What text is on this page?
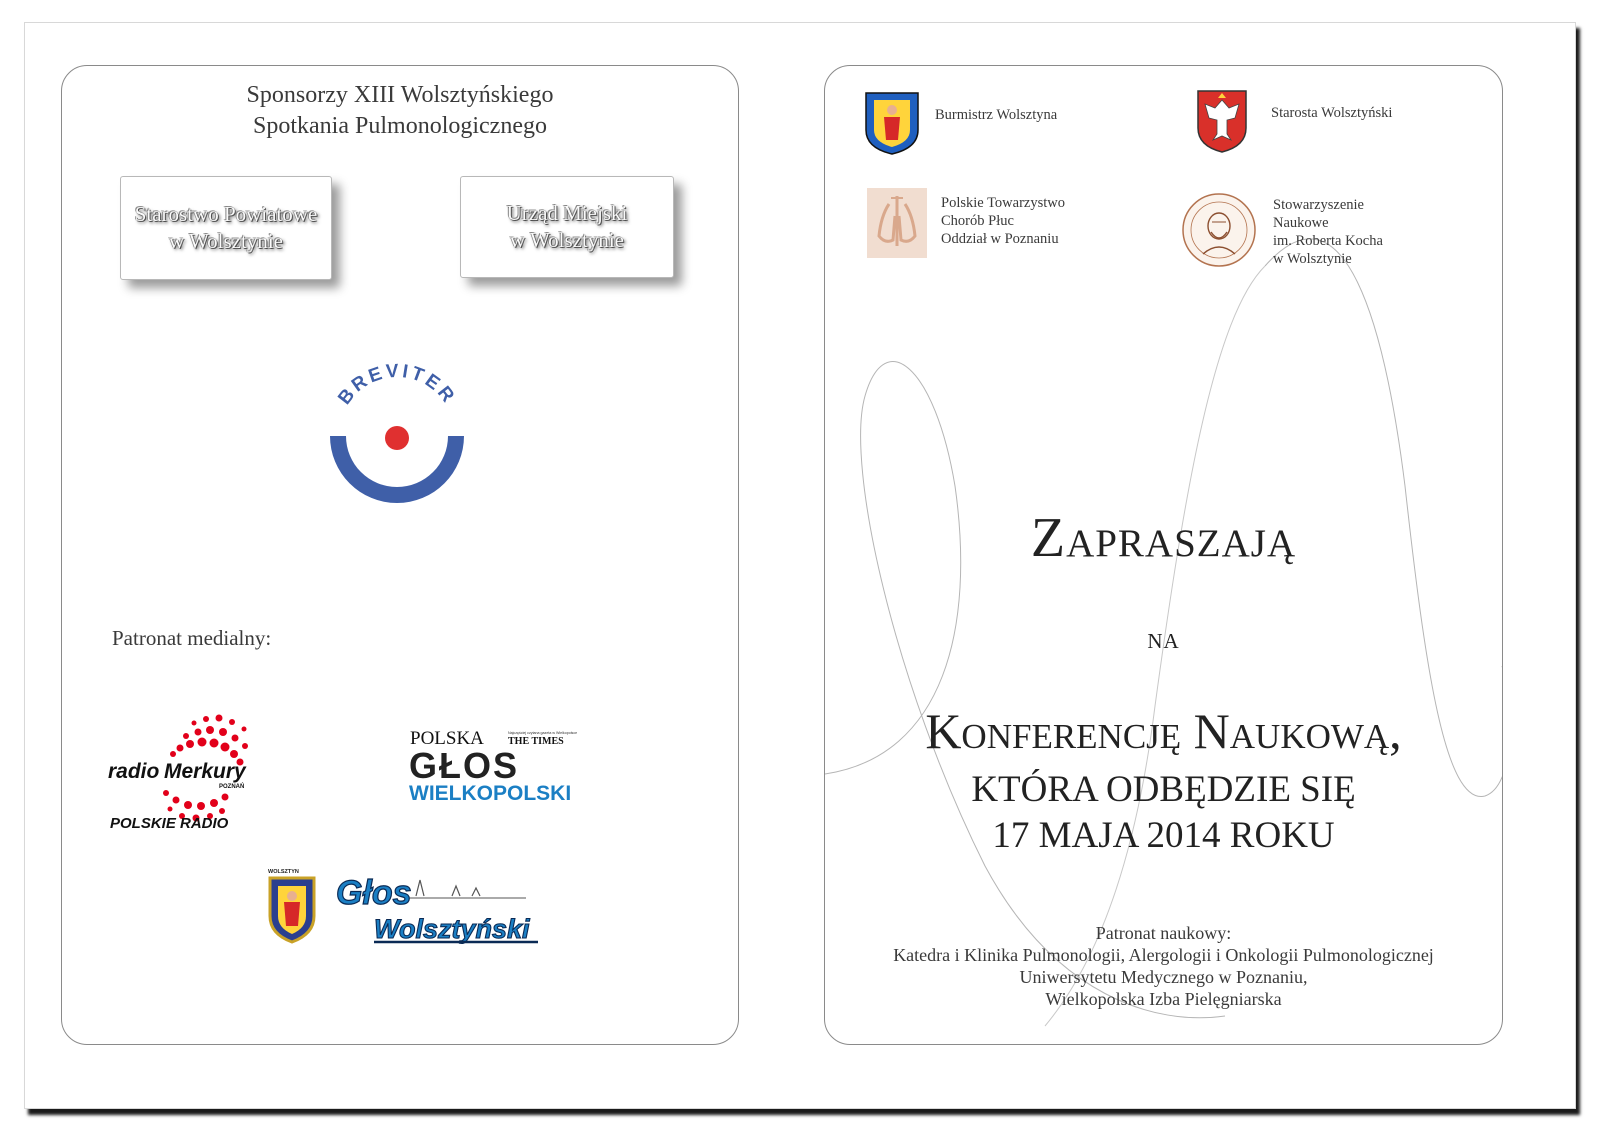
Sponsorzy XIII Wolsztyńskiego
Spotkania Pulmonologicznego
Starostwo Powiatowe
w Wolsztynie
Urząd Miejski
w Wolsztynie
BREVITER
Patronat medialny:
radio Merkury
POZNAŃ
POLSKIE RADIO
POLSKA	Najczęściej czytana gazeta w Wielkopolsce
THE TIMES
GŁOS
WIELKOPOLSKI
WOLSZTYN
Głos
Wolsztyński
Burmistrz Wolsztyna	Starosta Wolsztyński
Polskie Towarzystwo
Chorób Płuc
Oddział w Poznaniu
Stowarzyszenie
Naukowe
im. Roberta Kocha
w Wolsztynie
Zapraszają
na
Konferencję Naukową,
KTÓRA ODBĘDZIE SIĘ
17 MAJA 2014 ROKU
Patronat naukowy:
Katedra i Klinika Pulmonologii, Alergologii i Onkologii Pulmonologicznej
Uniwersytetu Medycznego w Poznaniu,
Wielkopolska Izba Pielęgniarska
